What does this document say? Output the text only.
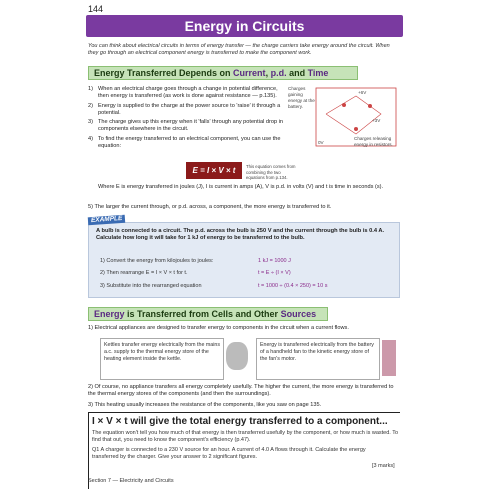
144
Energy in Circuits
You can think about electrical circuits in terms of energy transfer — the charge carriers take energy around the circuit. When they go through an electrical component energy is transferred to make the component work.
Energy Transferred Depends on Current, p.d. and Time
1) When an electrical charge goes through a change in potential difference, then energy is transferred (as work is done against resistance — p.135).
2) Energy is supplied to the charge at the power source to 'raise' it through a potential.
3) The charge gives up this energy when it 'falls' through any potential drop in components elsewhere in the circuit.
4) To find the energy transferred to an electrical component, you can use the equation:
Charges gaining energy at the battery.
Charges releasing energy in resistors.
+6V
+3V
0V
E = I × V × t	This equation comes from combining the two equations from p.134.
Where E is energy transferred in joules (J), I is current in amps (A), V is p.d. in volts (V) and t is time in seconds (s).
5) The larger the current through, or p.d. across, a component, the more energy is transferred to it.
EXAMPLE
A bulb is connected to a circuit. The p.d. across the bulb is 250 V and the current through the bulb is 0.4 A. Calculate how long it will take for 1 kJ of energy to be transferred to the bulb.
1) Convert the energy from kilojoules to joules:
2) Then rearrange E = I × V × t for t.
3) Substitute into the rearranged equation
1 kJ = 1000 J
t = E ÷ (I × V)
t = 1000 ÷ (0.4 × 250) = 10 s
Energy is Transferred from Cells and Other Sources
1) Electrical appliances are designed to transfer energy to components in the circuit when a current flows.
Kettles transfer energy electrically from the mains a.c. supply to the thermal energy store of the heating element inside the kettle.
Energy is transferred electrically from the battery of a handheld fan to the kinetic energy store of the fan's motor.
2) Of course, no appliance transfers all energy completely usefully. The higher the current, the more energy is transferred to the thermal energy stores of the components (and then the surroundings).
3) This heating usually increases the resistance of the components, like you saw on page 135.
I × V × t will give the total energy transferred to a component...
The equation won't tell you how much of that energy is then transferred usefully by the component, or how much is wasted. To find that out, you need to know the component's efficiency (p.47).
Q1 A charger is connected to a 230 V source for an hour. A current of 4.0 A flows through it. Calculate the energy transferred by the charger. Give your answer to 2 significant figures.
[3 marks]
Section 7 — Electricity and Circuits
